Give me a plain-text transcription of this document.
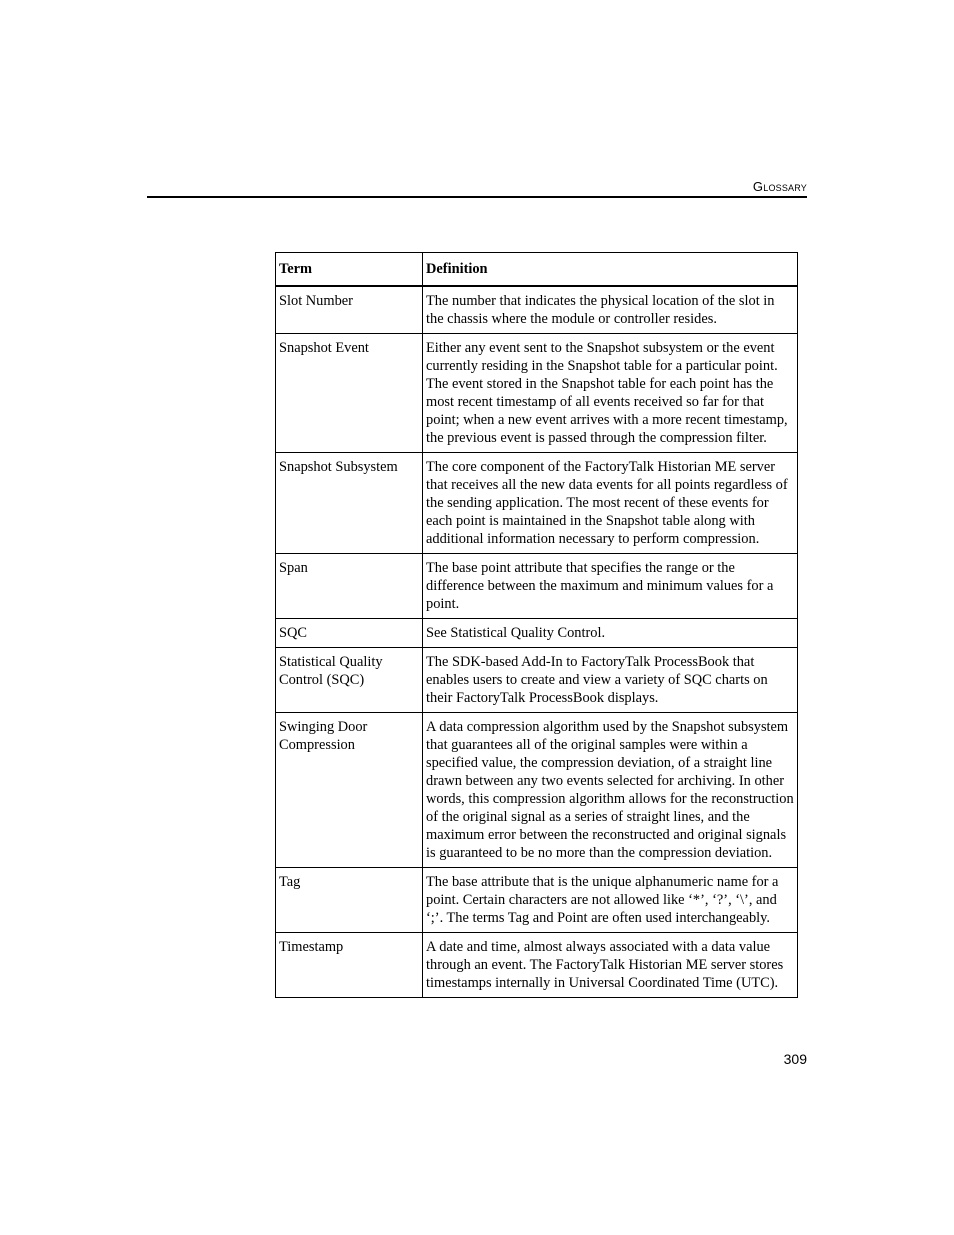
Glossary
Term	Definition
Slot Number	The number that indicates the physical location of the slot in the chassis where the module or controller resides.
Snapshot Event	Either any event sent to the Snapshot subsystem or the event currently residing in the Snapshot table for a particular point. The event stored in the Snapshot table for each point has the most recent timestamp of all events received so far for that point; when a new event arrives with a more recent timestamp, the previous event is passed through the compression filter.
Snapshot Subsystem	The core component of the FactoryTalk Historian ME server that receives all the new data events for all points regardless of the sending application. The most recent of these events for each point is maintained in the Snapshot table along with additional information necessary to perform compression.
Span	The base point attribute that specifies the range or the difference between the maximum and minimum values for a point.
SQC	See Statistical Quality Control.
Statistical Quality Control (SQC)	The SDK-based Add-In to FactoryTalk ProcessBook that enables users to create and view a variety of SQC charts on their FactoryTalk ProcessBook displays.
Swinging Door Compression	A data compression algorithm used by the Snapshot subsystem that guarantees all of the original samples were within a specified value, the compression deviation, of a straight line drawn between any two events selected for archiving. In other words, this compression algorithm allows for the reconstruction of the original signal as a series of straight lines, and the maximum error between the reconstructed and original signals is guaranteed to be no more than the compression deviation.
Tag	The base attribute that is the unique alphanumeric name for a point. Certain characters are not allowed like ‘*’, ‘?’, ‘\’, and ‘;’. The terms Tag and Point are often used interchangeably.
Timestamp	A date and time, almost always associated with a data value through an event. The FactoryTalk Historian ME server stores timestamps internally in Universal Coordinated Time (UTC).
309
